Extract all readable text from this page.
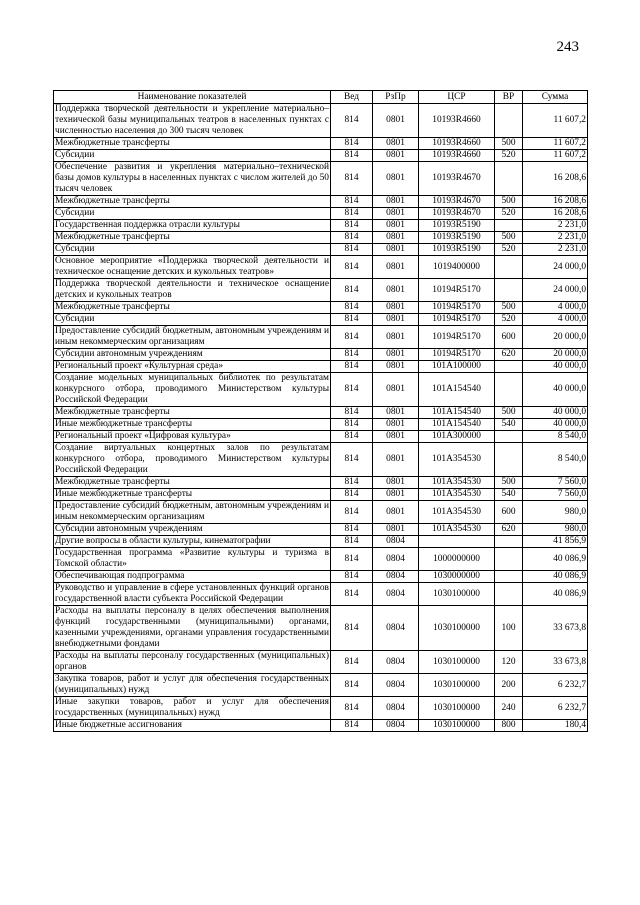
243
Наименование показателей	Вед	РзПр	ЦСР	ВР	Сумма
Поддержка творческой деятельности и укрепление материально–технической базы муниципальных театров в населенных пунктах с численностью населения до 300 тысяч человек	814	0801	10193R4660		11 607,2
Межбюджетные трансферты	814	0801	10193R4660	500	11 607,2
Субсидии	814	0801	10193R4660	520	11 607,2
Обеспечение развития и укрепления материально–технической базы домов культуры в населенных пунктах с числом жителей до 50 тысяч человек	814	0801	10193R4670		16 208,6
Межбюджетные трансферты	814	0801	10193R4670	500	16 208,6
Субсидии	814	0801	10193R4670	520	16 208,6
Государственная поддержка отрасли культуры	814	0801	10193R5190		2 231,0
Межбюджетные трансферты	814	0801	10193R5190	500	2 231,0
Субсидии	814	0801	10193R5190	520	2 231,0
Основное мероприятие «Поддержка творческой деятельности и техническое оснащение детских и кукольных театров»	814	0801	1019400000		24 000,0
Поддержка творческой деятельности и техническое оснащение детских и кукольных театров	814	0801	10194R5170		24 000,0
Межбюджетные трансферты	814	0801	10194R5170	500	4 000,0
Субсидии	814	0801	10194R5170	520	4 000,0
Предоставление субсидий бюджетным, автономным учреждениям и иным некоммерческим организациям	814	0801	10194R5170	600	20 000,0
Субсидии автономным учреждениям	814	0801	10194R5170	620	20 000,0
Региональный проект «Культурная среда»	814	0801	101A100000		40 000,0
Создание модельных муниципальных библиотек по результатам конкурсного отбора, проводимого Министерством культуры Российской Федерации	814	0801	101A154540		40 000,0
Межбюджетные трансферты	814	0801	101A154540	500	40 000,0
Иные межбюджетные трансферты	814	0801	101A154540	540	40 000,0
Региональный проект «Цифровая культура»	814	0801	101A300000		8 540,0
Создание виртуальных концертных залов по результатам конкурсного отбора, проводимого Министерством культуры Российской Федерации	814	0801	101A354530		8 540,0
Межбюджетные трансферты	814	0801	101A354530	500	7 560,0
Иные межбюджетные трансферты	814	0801	101A354530	540	7 560,0
Предоставление субсидий бюджетным, автономным учреждениям и иным некоммерческим организациям	814	0801	101A354530	600	980,0
Субсидии автономным учреждениям	814	0801	101A354530	620	980,0
Другие вопросы в области культуры, кинематографии	814	0804			41 856,9
Государственная программа «Развитие культуры и туризма в Томской области»	814	0804	1000000000		40 086,9
Обеспечивающая подпрограмма	814	0804	1030000000		40 086,9
Руководство и управление в сфере установленных функций органов государственной власти субъекта Российской Федерации	814	0804	1030100000		40 086,9
Расходы на выплаты персоналу в целях обеспечения выполнения функций государственными (муниципальными) органами, казенными учреждениями, органами управления государственными внебюджетными фондами	814	0804	1030100000	100	33 673,8
Расходы на выплаты персоналу государственных (муниципальных) органов	814	0804	1030100000	120	33 673,8
Закупка товаров, работ и услуг для обеспечения государственных (муниципальных) нужд	814	0804	1030100000	200	6 232,7
Иные закупки товаров, работ и услуг для обеспечения государственных (муниципальных) нужд	814	0804	1030100000	240	6 232,7
Иные бюджетные ассигнования	814	0804	1030100000	800	180,4
